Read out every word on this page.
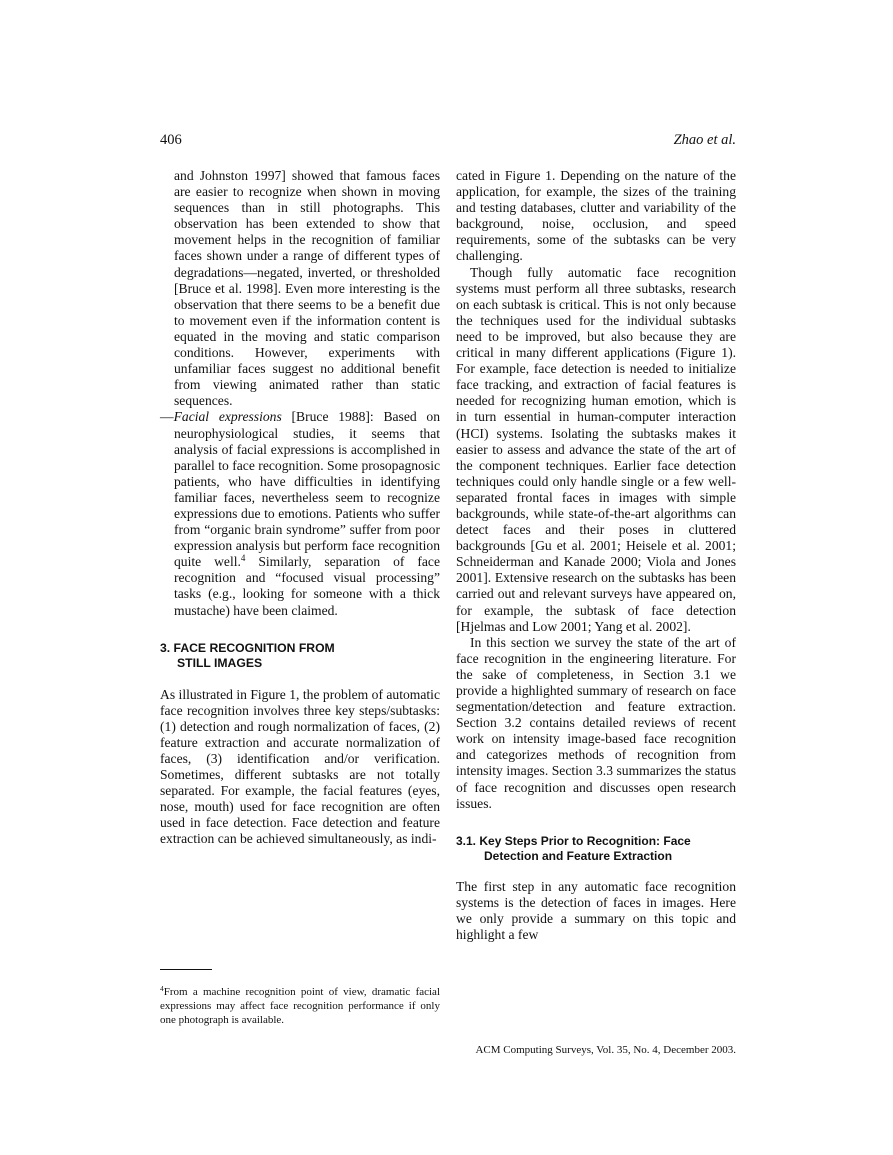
406	Zhao et al.

and Johnston 1997] showed that famous faces are easier to recognize when shown in moving sequences than in still photographs. This observation has been extended to show that movement helps in the recognition of familiar faces shown under a range of different types of degradations—negated, inverted, or thresholded [Bruce et al. 1998]. Even more interesting is the observation that there seems to be a benefit due to movement even if the information content is equated in the moving and static comparison conditions. However, experiments with unfamiliar faces suggest no additional benefit from viewing animated rather than static sequences.

—Facial expressions [Bruce 1988]: Based on neurophysiological studies, it seems that analysis of facial expressions is accomplished in parallel to face recognition. Some prosopagnosic patients, who have difficulties in identifying familiar faces, nevertheless seem to recognize expressions due to emotions. Patients who suffer from “organic brain syndrome” suffer from poor expression analysis but perform face recognition quite well.$^4$ Similarly, separation of face recognition and “focused visual processing” tasks (e.g., looking for someone with a thick mustache) have been claimed.

3. FACE RECOGNITION FROM
STILL IMAGES

As illustrated in Figure 1, the problem of automatic face recognition involves three key steps/subtasks: (1) detection and rough normalization of faces, (2) feature extraction and accurate normalization of faces, (3) identification and/or verification. Sometimes, different subtasks are not totally separated. For example, the facial features (eyes, nose, mouth) used for face recognition are often used in face detection. Face detection and feature extraction can be achieved simultaneously, as indi-

cated in Figure 1. Depending on the nature of the application, for example, the sizes of the training and testing databases, clutter and variability of the background, noise, occlusion, and speed requirements, some of the subtasks can be very challenging.

Though fully automatic face recognition systems must perform all three subtasks, research on each subtask is critical. This is not only because the techniques used for the individual subtasks need to be improved, but also because they are critical in many different applications (Figure 1). For example, face detection is needed to initialize face tracking, and extraction of facial features is needed for recognizing human emotion, which is in turn essential in human-computer interaction (HCI) systems. Isolating the subtasks makes it easier to assess and advance the state of the art of the component techniques. Earlier face detection techniques could only handle single or a few well-separated frontal faces in images with simple backgrounds, while state-of-the-art algorithms can detect faces and their poses in cluttered backgrounds [Gu et al. 2001; Heisele et al. 2001; Schneiderman and Kanade 2000; Viola and Jones 2001]. Extensive research on the subtasks has been carried out and relevant surveys have appeared on, for example, the subtask of face detection [Hjelmas and Low 2001; Yang et al. 2002].

In this section we survey the state of the art of face recognition in the engineering literature. For the sake of completeness, in Section 3.1 we provide a highlighted summary of research on face segmentation/detection and feature extraction. Section 3.2 contains detailed reviews of recent work on intensity image-based face recognition and categorizes methods of recognition from intensity images. Section 3.3 summarizes the status of face recognition and discusses open research issues.

3.1. Key Steps Prior to Recognition: Face
Detection and Feature Extraction

The first step in any automatic face recognition systems is the detection of faces in images. Here we only provide a summary on this topic and highlight a few

$^4$From a machine recognition point of view, dramatic facial expressions may affect face recognition performance if only one photograph is available.

ACM Computing Surveys, Vol. 35, No. 4, December 2003.
